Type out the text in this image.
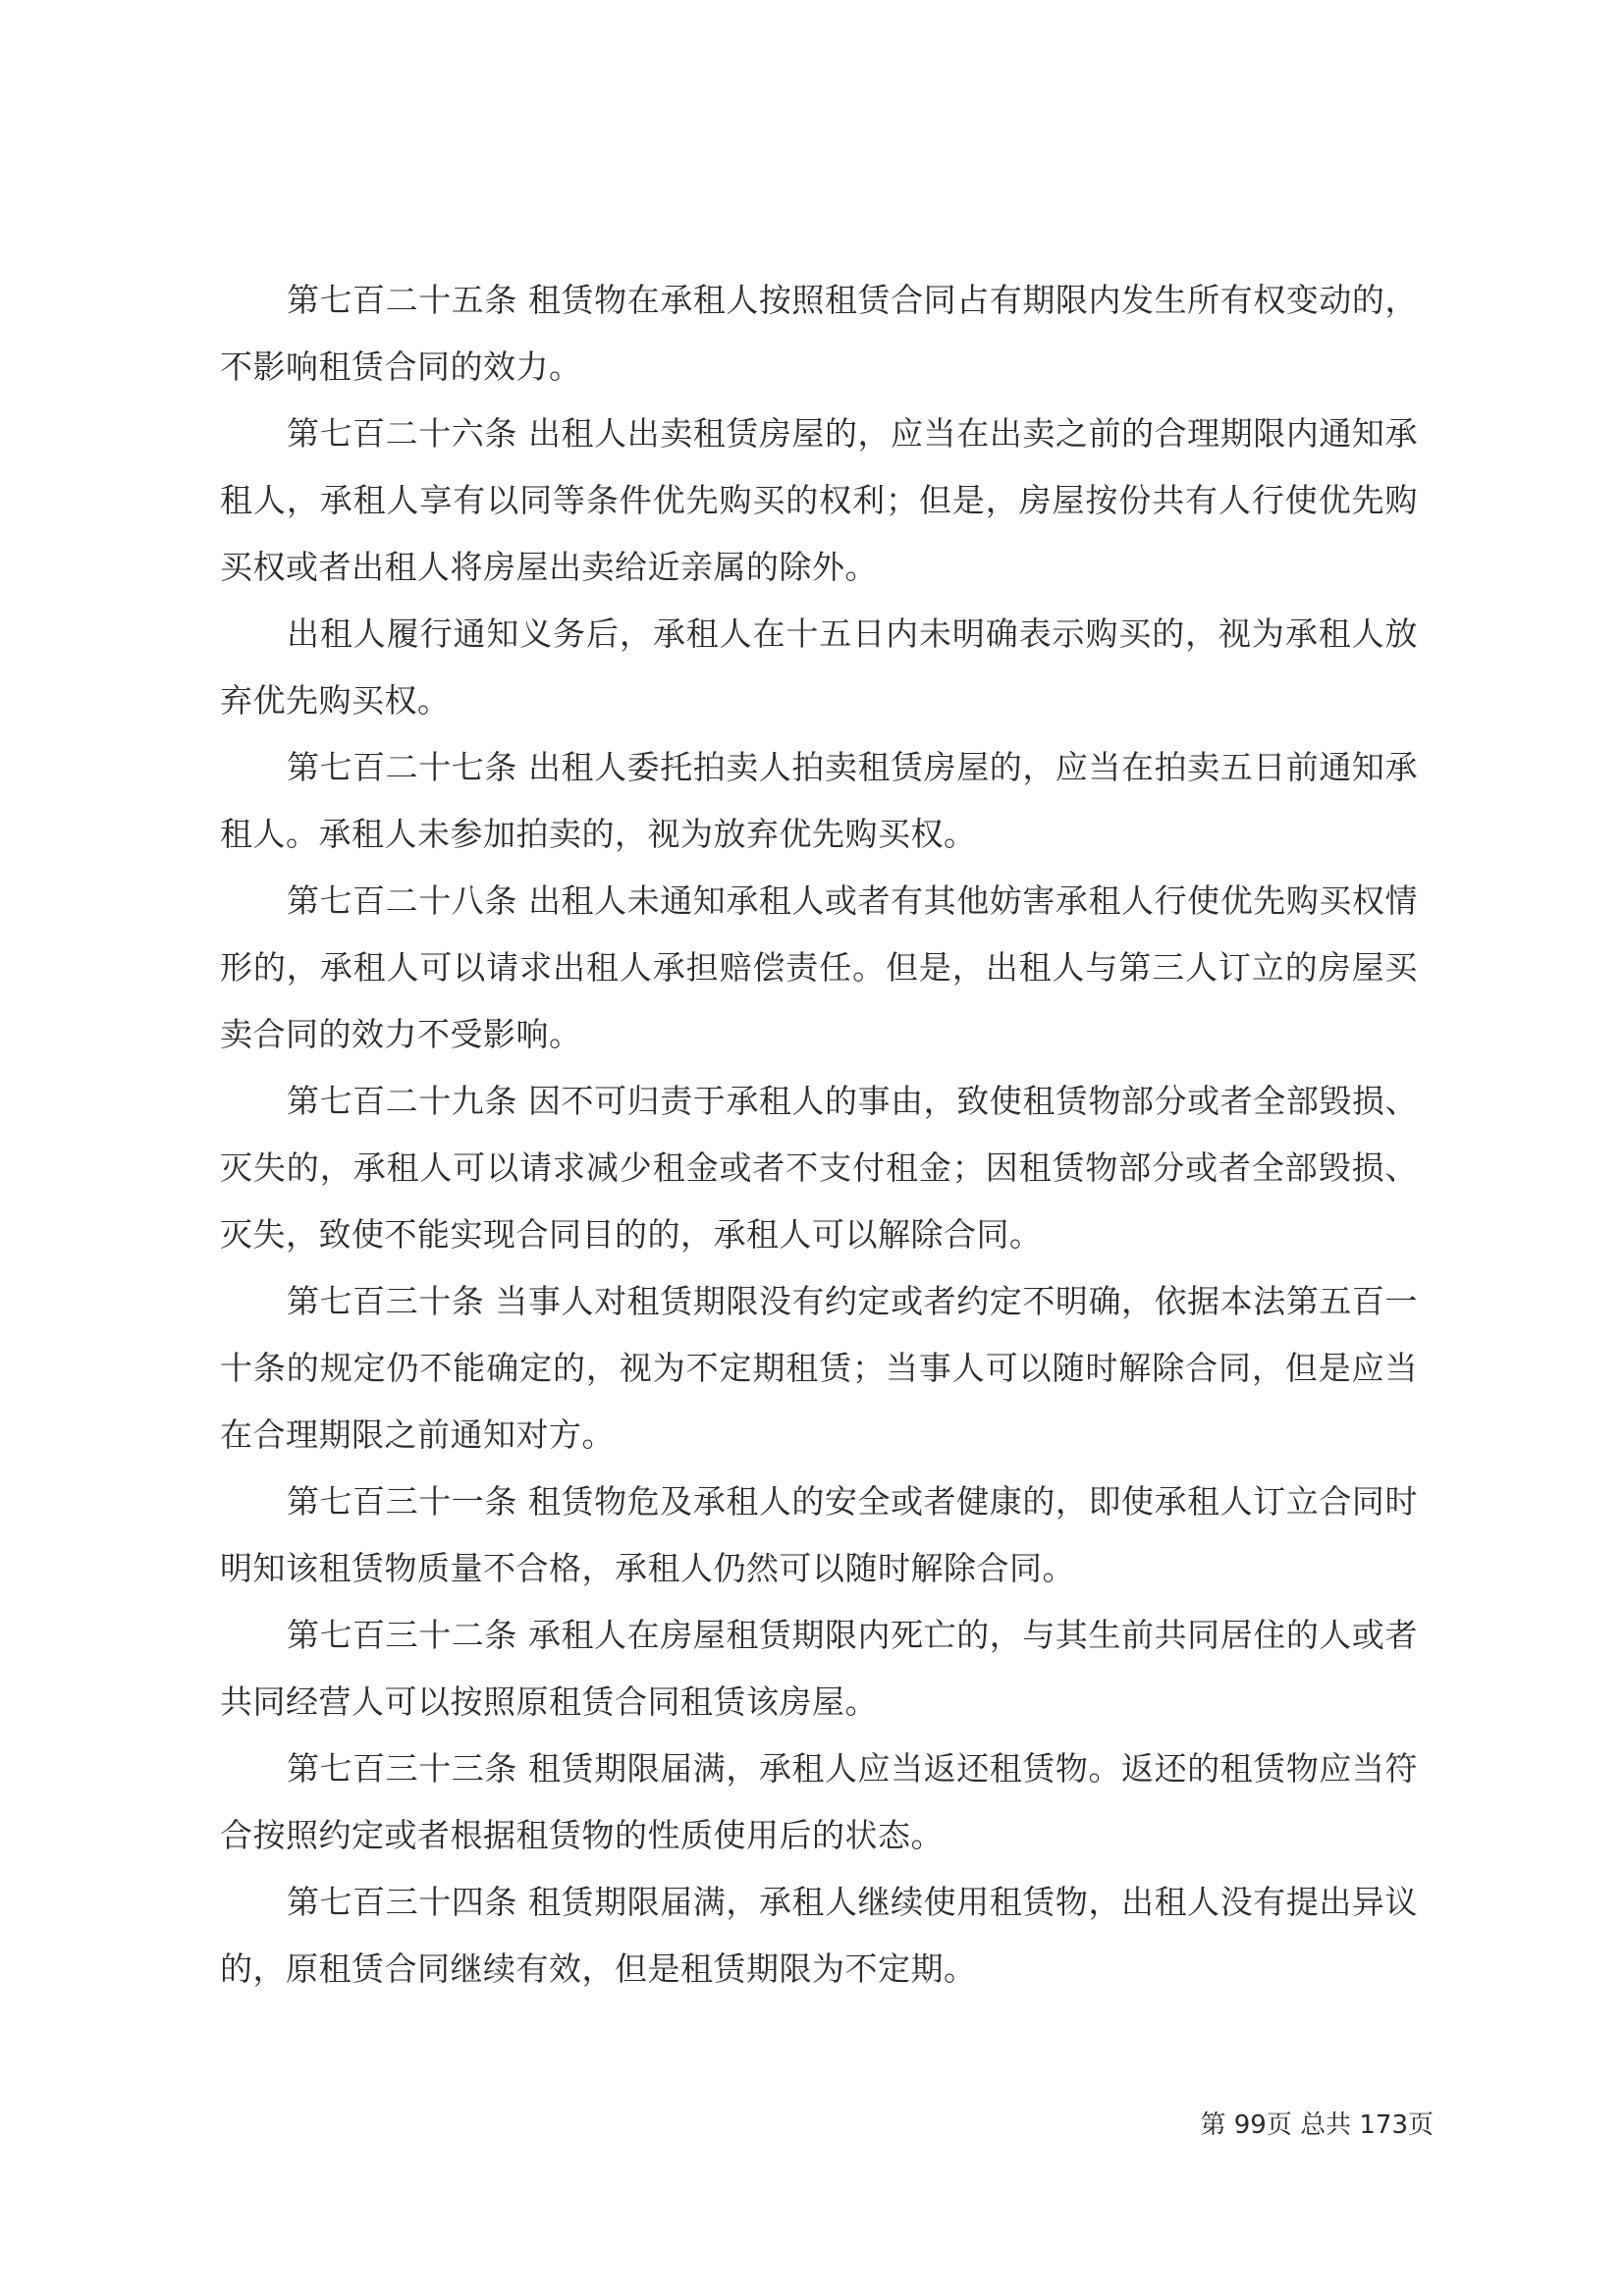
第七百二十五条 租赁物在承租人按照租赁合同占有期限内发生所有权变动的，不影响租赁合同的效力。

第七百二十六条 出租人出卖租赁房屋的，应当在出卖之前的合理期限内通知承租人，承租人享有以同等条件优先购买的权利；但是，房屋按份共有人行使优先购买权或者出租人将房屋出卖给近亲属的除外。

出租人履行通知义务后，承租人在十五日内未明确表示购买的，视为承租人放弃优先购买权。

第七百二十七条 出租人委托拍卖人拍卖租赁房屋的，应当在拍卖五日前通知承租人。承租人未参加拍卖的，视为放弃优先购买权。

第七百二十八条 出租人未通知承租人或者有其他妨害承租人行使优先购买权情形的，承租人可以请求出租人承担赔偿责任。但是，出租人与第三人订立的房屋买卖合同的效力不受影响。

第七百二十九条 因不可归责于承租人的事由，致使租赁物部分或者全部毁损、灭失的，承租人可以请求减少租金或者不支付租金；因租赁物部分或者全部毁损、灭失，致使不能实现合同目的的，承租人可以解除合同。

第七百三十条 当事人对租赁期限没有约定或者约定不明确，依据本法第五百一十条的规定仍不能确定的，视为不定期租赁；当事人可以随时解除合同，但是应当在合理期限之前通知对方。

第七百三十一条 租赁物危及承租人的安全或者健康的，即使承租人订立合同时明知该租赁物质量不合格，承租人仍然可以随时解除合同。

第七百三十二条 承租人在房屋租赁期限内死亡的，与其生前共同居住的人或者共同经营人可以按照原租赁合同租赁该房屋。

第七百三十三条 租赁期限届满，承租人应当返还租赁物。返还的租赁物应当符合按照约定或者根据租赁物的性质使用后的状态。

第七百三十四条 租赁期限届满，承租人继续使用租赁物，出租人没有提出异议的，原租赁合同继续有效，但是租赁期限为不定期。

第 99页 总共 173页
